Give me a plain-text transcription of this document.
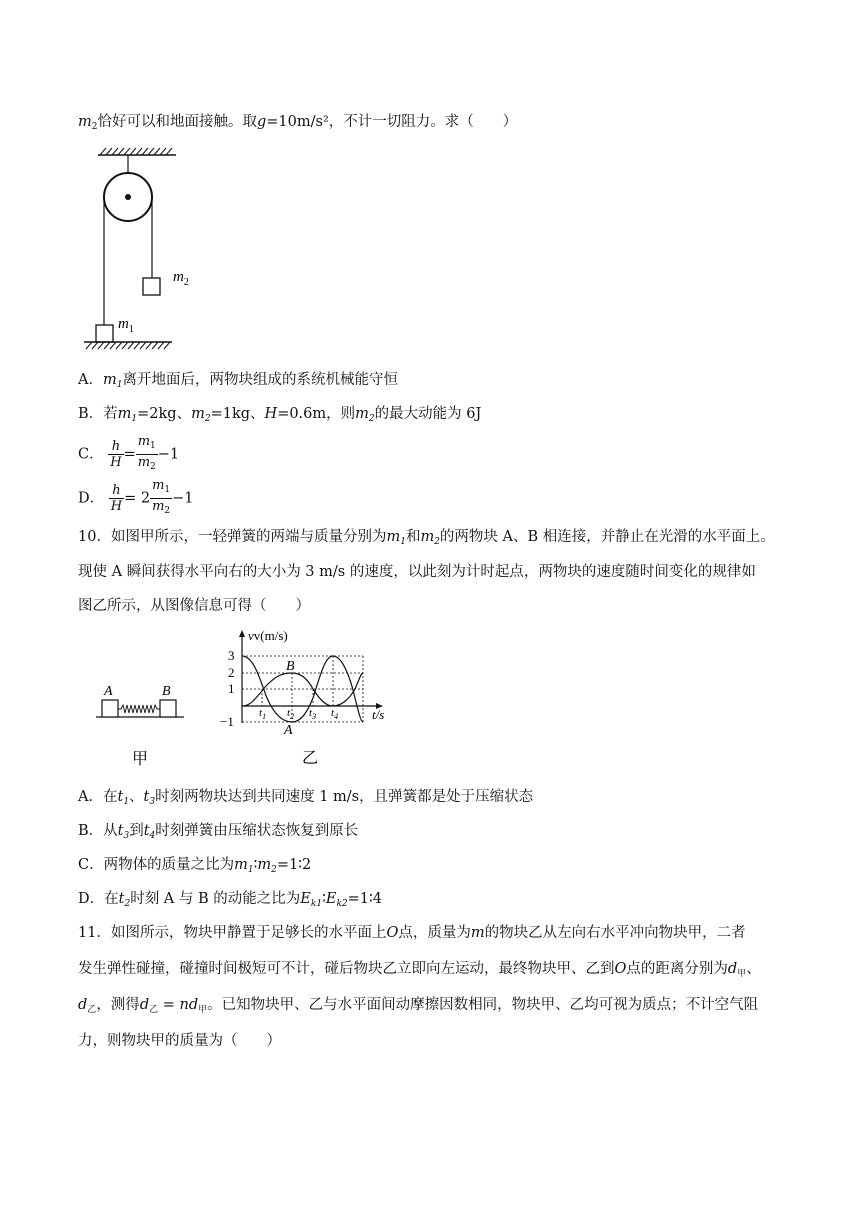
$m_2$恰好可以和地面接触。取g=10m/s²，不计一切阻力。求（　　）
$m_2$
$m_1$
A．$m_1$离开地面后，两物块组成的系统机械能守恒
B．若$m_1=2kg$、$m_2=1kg$、H=0.6m，则$m_2$的最大动能为 6J
C． $\frac{h}{H} = \frac{m_1}{m_2} -1$
D． $\frac{h}{H} = 2 \frac{m_1}{m_2} -1$
10．如图甲所示，一轻弹簧的两端与质量分别为$m_1$和$m_2$的两物块 A、B 相连接，并静止在光滑的水平面上。
现使 A 瞬间获得水平向右的大小为 3 m/s 的速度，以此刻为计时起点，两物块的速度随时间变化的规律如
图乙所示，从图像信息可得（　　）
A	B
甲
vv(m/s)
3
2
1
−1
$t_1$ $t_2$ $t_3$ $t_4$	t/s
B
A
乙
A．在$t_1$、$t_3$时刻两物块达到共同速度 1 m/s，且弹簧都是处于压缩状态
B．从$t_3$到$t_4$时刻弹簧由压缩状态恢复到原长
C．两物体的质量之比为$m_1∶m_2=1∶2$
D．在$t_2$时刻 A 与 B 的动能之比为$E_{k1}∶E_{k2}=1∶4$
11．如图所示，物块甲静置于足够长的水平面上O点，质量为m的物块乙从左向右水平冲向物块甲，二者
发生弹性碰撞，碰撞时间极短可不计，碰后物块乙立即向左运动，最终物块甲、乙到O点的距离分别为$d_甲$、
$d_乙$，测得$d_乙 = nd_甲$。已知物块甲、乙与水平面间动摩擦因数相同，物块甲、乙均可视为质点；不计空气阻
力，则物块甲的质量为（　　）
